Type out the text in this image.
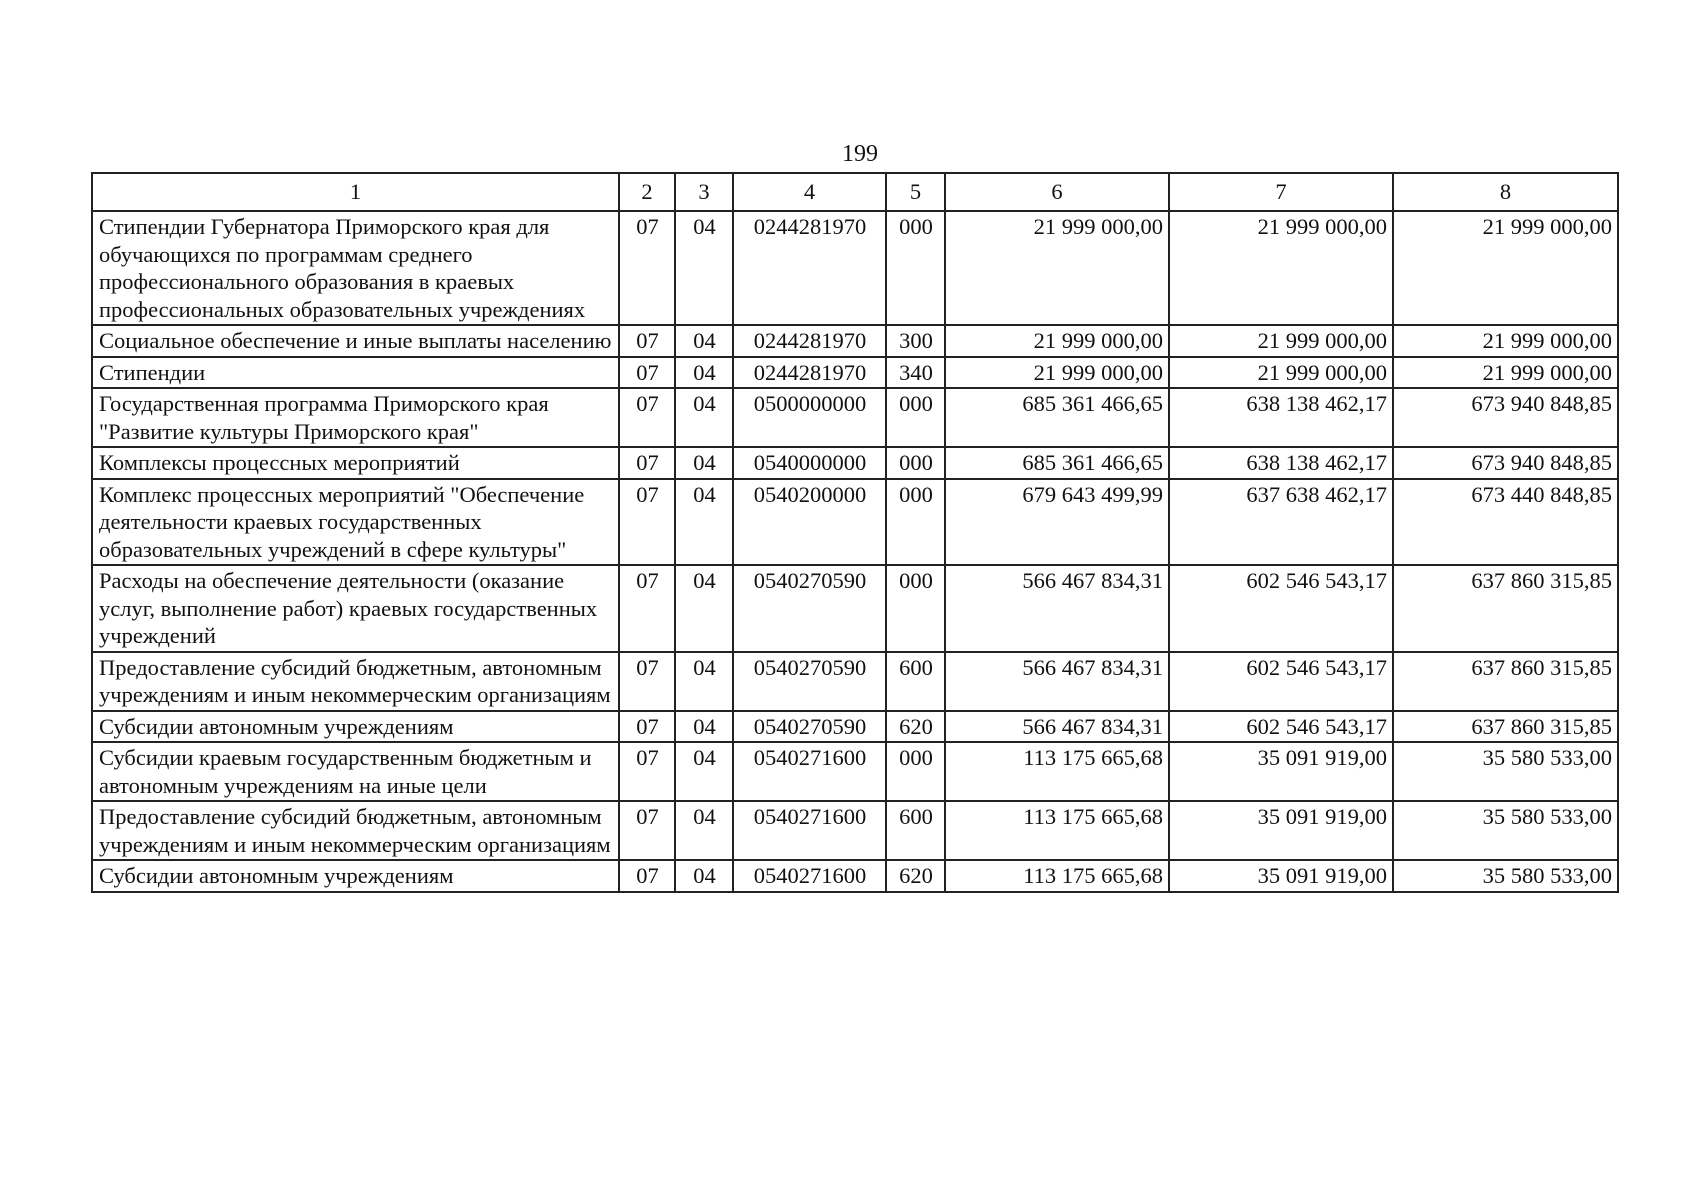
199
1	2	3	4	5	6	7	8
Стипендии Губернатора Приморского края для обучающихся по программам среднего профессионального образования в краевых профессиональных образовательных учреждениях	07	04	0244281970	000	21 999 000,00	21 999 000,00	21 999 000,00
Социальное обеспечение и иные выплаты населению	07	04	0244281970	300	21 999 000,00	21 999 000,00	21 999 000,00
Стипендии	07	04	0244281970	340	21 999 000,00	21 999 000,00	21 999 000,00
Государственная программа Приморского края "Развитие культуры Приморского края"	07	04	0500000000	000	685 361 466,65	638 138 462,17	673 940 848,85
Комплексы процессных мероприятий	07	04	0540000000	000	685 361 466,65	638 138 462,17	673 940 848,85
Комплекс процессных мероприятий "Обеспечение деятельности краевых государственных образовательных учреждений в сфере культуры"	07	04	0540200000	000	679 643 499,99	637 638 462,17	673 440 848,85
Расходы на обеспечение деятельности (оказание услуг, выполнение работ) краевых государственных учреждений	07	04	0540270590	000	566 467 834,31	602 546 543,17	637 860 315,85
Предоставление субсидий бюджетным, автономным учреждениям и иным некоммерческим организациям	07	04	0540270590	600	566 467 834,31	602 546 543,17	637 860 315,85
Субсидии автономным учреждениям	07	04	0540270590	620	566 467 834,31	602 546 543,17	637 860 315,85
Субсидии краевым государственным бюджетным и автономным учреждениям на иные цели	07	04	0540271600	000	113 175 665,68	35 091 919,00	35 580 533,00
Предоставление субсидий бюджетным, автономным учреждениям и иным некоммерческим организациям	07	04	0540271600	600	113 175 665,68	35 091 919,00	35 580 533,00
Субсидии автономным учреждениям	07	04	0540271600	620	113 175 665,68	35 091 919,00	35 580 533,00
